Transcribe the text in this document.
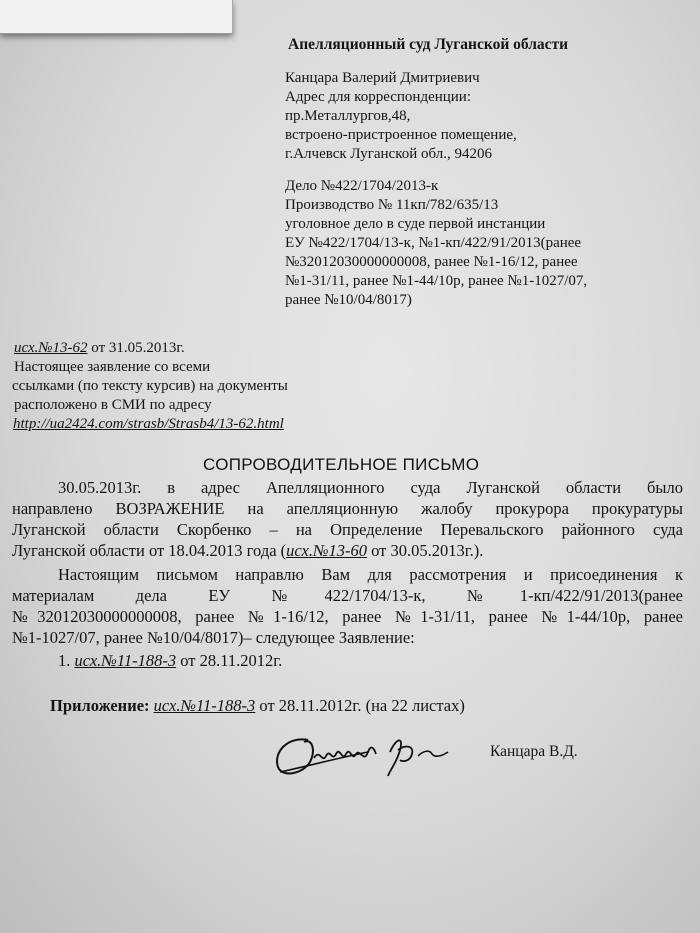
Апелляционный суд Луганской области
Канцара Валерий Дмитриевич
Адрес для корреспонденции:
пр.Металлургов,48,
встроено-пристроенное помещение,
г.Алчевск Луганской обл., 94206
Дело №422/1704/2013-к
Производство № 11кп/782/635/13
уголовное дело в суде первой инстанции
ЕУ №422/1704/13-к, №1-кп/422/91/2013(ранее
№32012030000000008, ранее №1-16/12, ранее
№1-31/11, ранее №1-44/10р, ранее №1-1027/07,
ранее №10/04/8017)
исх.№13-62 от 31.05.2013г.
Настоящее заявление со всеми
ссылками (по тексту курсив) на документы
расположено в СМИ по адресу
http://ua2424.com/strasb/Strasb4/13-62.html
СОПРОВОДИТЕЛЬНОЕ ПИСЬМО
30.05.2013г. в адрес Апелляционного суда Луганской области было
направлено ВОЗРАЖЕНИЕ на апелляционную жалобу прокурора прокуратуры
Луганской области Скорбенко – на Определение Перевальского районного суда
Луганской области от 18.04.2013 года (исх.№13-60 от 30.05.2013г.).
Настоящим письмом направлю Вам для рассмотрения и присоединения к
материалам дела ЕУ №422/1704/13-к, №1-кп/422/91/2013(ранее
№32012030000000008, ранее №1-16/12, ранее №1-31/11, ранее №1-44/10р, ранее
№1-1027/07, ранее №10/04/8017)– следующее Заявление:
1. исх.№11-188-3 от 28.11.2012г.
Приложение: исх.№11-188-3 от 28.11.2012г. (на 22 листах)
Канцара В.Д.
